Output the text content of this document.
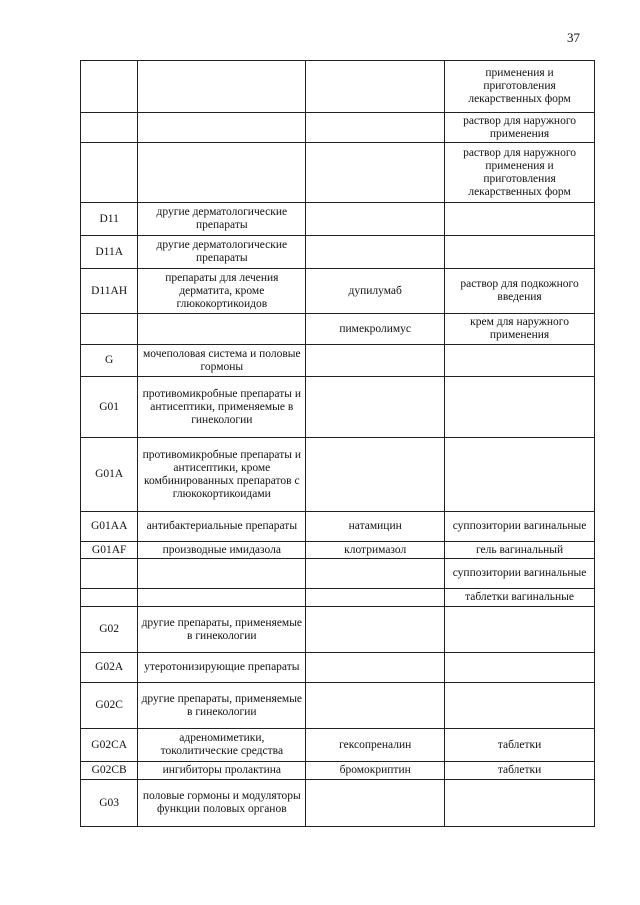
37
			применения и приготовления лекарственных форм
			раствор для наружного применения
			раствор для наружного применения и приготовления лекарственных форм
D11	другие дерматологические препараты		
D11A	другие дерматологические препараты		
D11AH	препараты для лечения дерматита, кроме глюкокортикоидов	дупилумаб	раствор для подкожного введения
		пимекролимус	крем для наружного применения
G	мочеполовая система и половые гормоны		
G01	противомикробные препараты и антисептики, применяемые в гинекологии		
G01A	противомикробные препараты и антисептики, кроме комбинированных препаратов с глюкокортикоидами		
G01AA	антибактериальные препараты	натамицин	суппозитории вагинальные
G01AF	производные имидазола	клотримазол	гель вагинальный
			суппозитории вагинальные
			таблетки вагинальные
G02	другие препараты, применяемые в гинекологии		
G02A	утеротонизирующие препараты		
G02C	другие препараты, применяемые в гинекологии		
G02CA	адреномиметики, токолитические средства	гексопреналин	таблетки
G02CB	ингибиторы пролактина	бромокриптин	таблетки
G03	половые гормоны и модуляторы функции половых органов		
